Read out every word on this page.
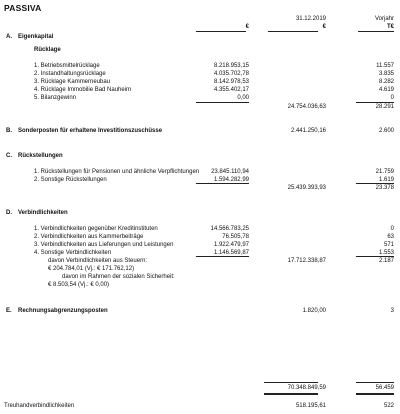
PASSIVA
31.12.2019	Vorjahr
€	€	T€
A. Eigenkapital
Rücklage
1. Betriebsmittelrücklage	8.218.953,15	11.557
2. Instandhaltungsrücklage	4.035.702,78	3.835
3. Rücklage Kammerneubau	8.142.978,53	8.282
4. Rücklage Immobilie Bad Nauheim	4.355.402,17	4.619
5. Bilanzgewinn	0,00	0
24.754.036,63	28.291
B. Sonderposten für erhaltene Investitionszuschüsse	2.441.250,16	2.600
C. Rückstellungen
1. Rückstellungen für Pensionen und ähnliche Verpflichtungen	23.845.110,94	21.759
2. Sonstige Rückstellungen	1.594.282,99	1.619
25.439.393,93	23.378
D. Verbindlichkeiten
1. Verbindlichkeiten gegenüber Kreditinstituten	14.566.783,25	0
2. Verbindlichkeiten aus Kammerbeiträge	76.505,78	63
3. Verbindlichkeiten aus Lieferungen und Leistungen	1.922.479,97	571
4. Sonstige Verbindlichkeiten	1.146.569,87	1.553
davon Verbindlichkeiten aus Steuern:	17.712.338,87	2.187
€ 204.784,01 (Vj.: € 171.762,12)
davon im Rahmen der sozialen Sicherheit:
€ 8.503,54 (Vj.: € 0,00)
E. Rechnungsabgrenzungsposten	1.820,00	3
70.348.849,59	56.459
Treuhandverbindlichkeiten	518.195,61	522
